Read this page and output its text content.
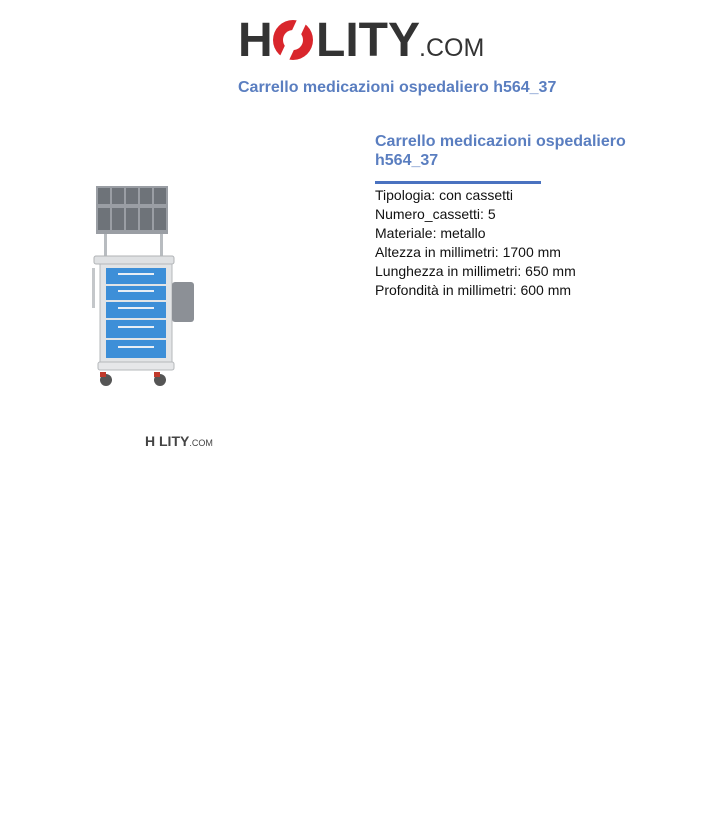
H LITY .COM
Carrello medicazioni ospedaliero h564_37
H LITY.COM
Carrello medicazioni ospedaliero h564_37
Tipologia: con cassetti
Numero_cassetti: 5
Materiale: metallo
Altezza in millimetri: 1700 mm
Lunghezza in millimetri: 650 mm
Profondità in millimetri: 600 mm
